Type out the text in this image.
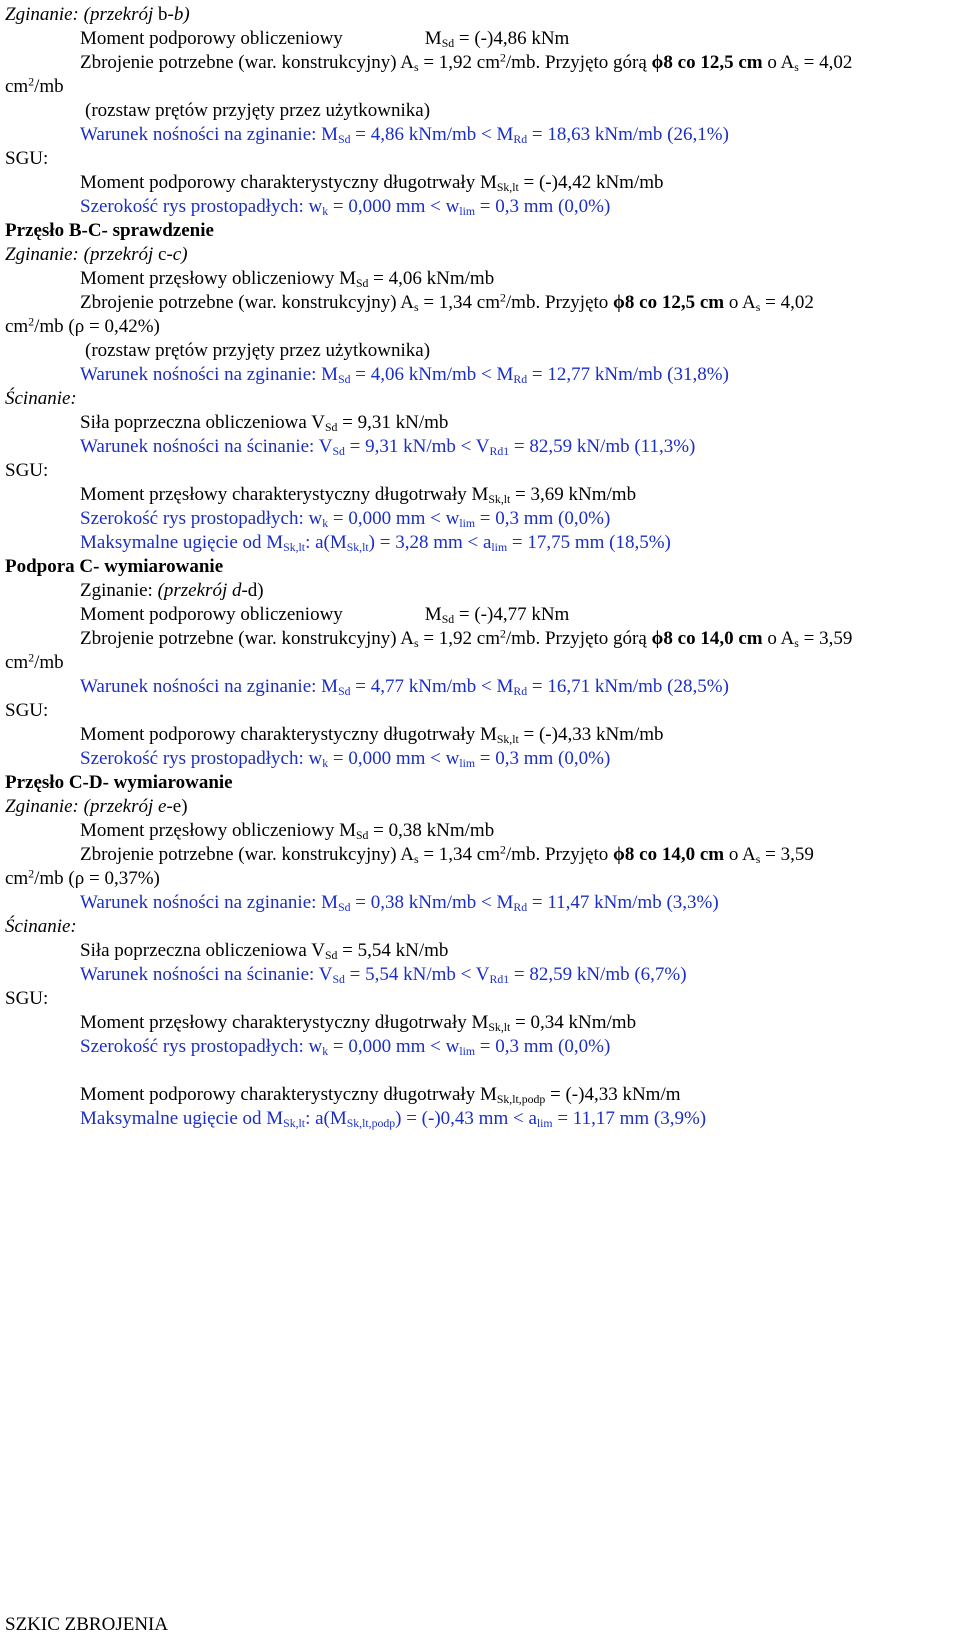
Zginanie: (przekrój b-b)
Moment podporowy obliczeniowy	$M_{Sd} = (-)4,86$ kNm
Zbrojenie potrzebne (war. konstrukcyjny) $A_s = 1,92$ $cm^2/mb$. Przyjęto górą ϕ8 co 12,5 cm o $A_s = 4,02$
$cm^2/mb$
(rozstaw prętów przyjęty przez użytkownika)
Warunek nośności na zginanie: $M_{Sd} = 4,86$ $kNm/mb < M_{Rd} = 18,63$ kNm/mb (26,1%)
SGU:
Moment podporowy charakterystyczny długotrwały $M_{Sk,lt} = (-)4,42$ kNm/mb
Szerokość rys prostopadłych: $w_k = 0,000$ mm < $w_{lim} = 0,3$ mm (0,0%)
Przęsło B-C- sprawdzenie
Zginanie: (przekrój c-c)
Moment przęsłowy obliczeniowy $M_{Sd} = 4,06$ kNm/mb
Zbrojenie potrzebne (war. konstrukcyjny) $A_s = 1,34$ $cm^2/mb$. Przyjęto ϕ8 co 12,5 cm o $A_s = 4,02$
$cm^2/mb$ (ρ = 0,42%)
(rozstaw prętów przyjęty przez użytkownika)
Warunek nośności na zginanie: $M_{Sd} = 4,06$ $kNm/mb < M_{Rd} = 12,77$ kNm/mb (31,8%)
Ścinanie:
Siła poprzeczna obliczeniowa $V_{Sd} = 9,31$ kN/mb
Warunek nośności na ścinanie: $V_{Sd} = 9,31$ $kN/mb < V_{Rd1} = 82,59$ kN/mb (11,3%)
SGU:
Moment przęsłowy charakterystyczny długotrwały $M_{Sk,lt} = 3,69$ kNm/mb
Szerokość rys prostopadłych: $w_k = 0,000$ mm < $w_{lim} = 0,3$ mm (0,0%)
Maksymalne ugięcie od $M_{Sk,lt}$: $a(M_{Sk,lt}) = 3,28$ mm < $a_{lim} = 17,75$ mm (18,5%)
Podpora C- wymiarowanie
Zginanie: (przekrój d-d)
Moment podporowy obliczeniowy	$M_{Sd} = (-)4,77$ kNm
Zbrojenie potrzebne (war. konstrukcyjny) $A_s = 1,92$ $cm^2/mb$. Przyjęto górą ϕ8 co 14,0 cm o $A_s = 3,59$
$cm^2/mb$
Warunek nośności na zginanie: $M_{Sd} = 4,77$ $kNm/mb < M_{Rd} = 16,71$ kNm/mb (28,5%)
SGU:
Moment podporowy charakterystyczny długotrwały $M_{Sk,lt} = (-)4,33$ kNm/mb
Szerokość rys prostopadłych: $w_k = 0,000$ mm < $w_{lim} = 0,3$ mm (0,0%)
Przęsło C-D- wymiarowanie
Zginanie: (przekrój e-e)
Moment przęsłowy obliczeniowy $M_{Sd} = 0,38$ kNm/mb
Zbrojenie potrzebne (war. konstrukcyjny) $A_s = 1,34$ $cm^2/mb$. Przyjęto ϕ8 co 14,0 cm o $A_s = 3,59$
$cm^2/mb$ (ρ = 0,37%)
Warunek nośności na zginanie: $M_{Sd} = 0,38$ $kNm/mb < M_{Rd} = 11,47$ kNm/mb (3,3%)
Ścinanie:
Siła poprzeczna obliczeniowa $V_{Sd} = 5,54$ kN/mb
Warunek nośności na ścinanie: $V_{Sd} = 5,54$ $kN/mb < V_{Rd1} = 82,59$ kN/mb (6,7%)
SGU:
Moment przęsłowy charakterystyczny długotrwały $M_{Sk,lt} = 0,34$ kNm/mb
Szerokość rys prostopadłych: $w_k = 0,000$ mm < $w_{lim} = 0,3$ mm (0,0%)
Moment podporowy charakterystyczny długotrwały $M_{Sk,lt,podp} = (-)4,33$ kNm/m
Maksymalne ugięcie od $M_{Sk,lt}$: $a(M_{Sk,lt,podp}) = (-)0,43$ mm < $a_{lim} = 11,17$ mm (3,9%)
SZKIC ZBROJENIA
